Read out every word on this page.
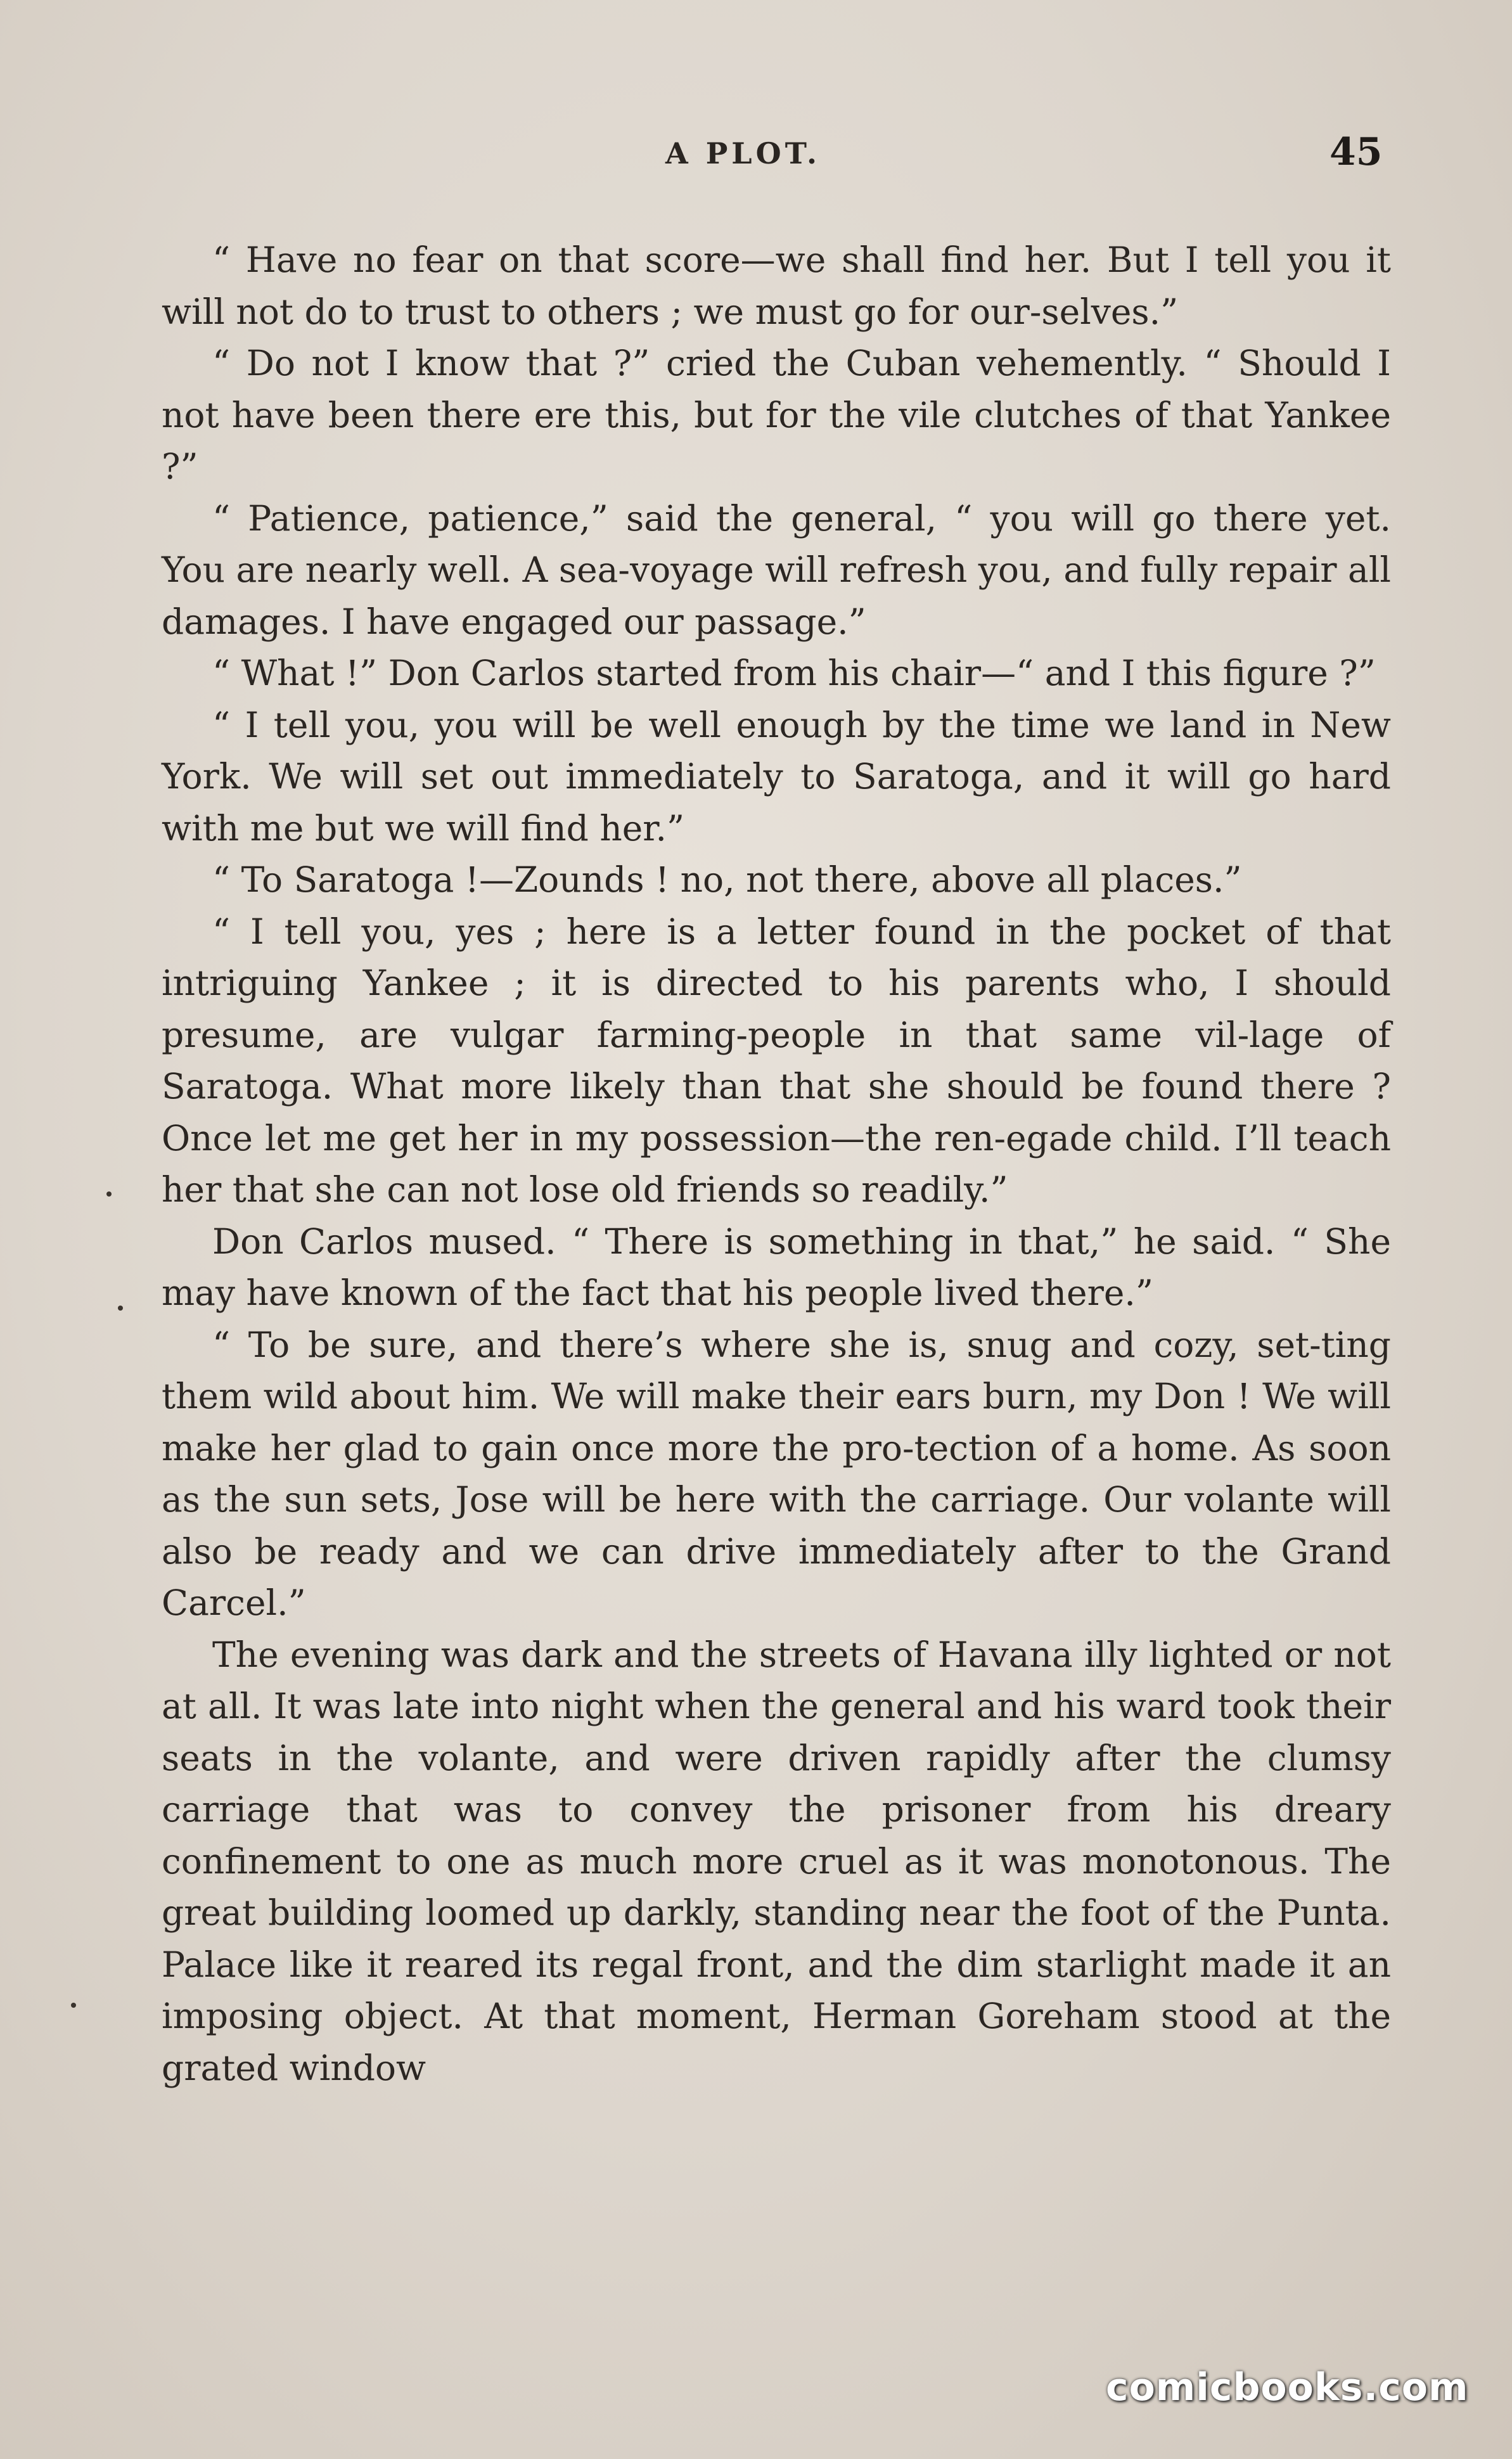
A PLOT.	45

“ Have no fear on that score—we shall find her. But I tell you it will not do to trust to others ; we must go for our-selves.”

“ Do not I know that ?” cried the Cuban vehemently. “ Should I not have been there ere this, but for the vile clutches of that Yankee ?”

“ Patience, patience,” said the general, “ you will go there yet. You are nearly well. A sea-voyage will refresh you, and fully repair all damages. I have engaged our passage.”

“ What !” Don Carlos started from his chair—“ and I this figure ?”

“ I tell you, you will be well enough by the time we land in New York. We will set out immediately to Saratoga, and it will go hard with me but we will find her.”

“ To Saratoga !—Zounds ! no, not there, above all places.”

“ I tell you, yes ; here is a letter found in the pocket of that intriguing Yankee ; it is directed to his parents who, I should presume, are vulgar farming-people in that same vil-lage of Saratoga. What more likely than that she should be found there ? Once let me get her in my possession—the ren-egade child. I’ll teach her that she can not lose old friends so readily.”

Don Carlos mused. “ There is something in that,” he said. “ She may have known of the fact that his people lived there.”

“ To be sure, and there’s where she is, snug and cozy, set-ting them wild about him. We will make their ears burn, my Don ! We will make her glad to gain once more the pro-tection of a home. As soon as the sun sets, Jose will be here with the carriage. Our volante will also be ready and we can drive immediately after to the Grand Carcel.”

The evening was dark and the streets of Havana illy lighted or not at all. It was late into night when the general and his ward took their seats in the volante, and were driven rapidly after the clumsy carriage that was to convey the prisoner from his dreary confinement to one as much more cruel as it was monotonous. The great building loomed up darkly, standing near the foot of the Punta. Palace like it reared its regal front, and the dim starlight made it an imposing object. At that moment, Herman Goreham stood at the grated window

comicbooks.com
